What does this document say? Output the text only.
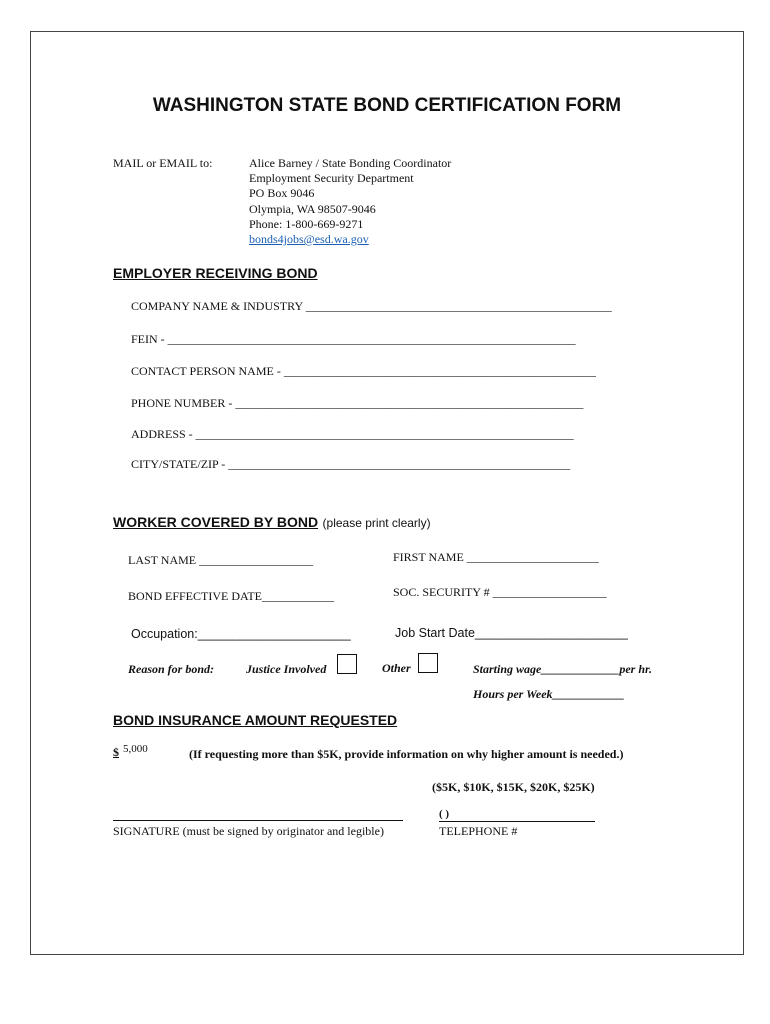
WASHINGTON STATE BOND CERTIFICATION FORM
MAIL or EMAIL to:	Alice Barney / State Bonding Coordinator
Employment Security Department
PO Box 9046
Olympia, WA 98507-9046
Phone: 1-800-669-9271
bonds4jobs@esd.wa.gov
EMPLOYER RECEIVING BOND
COMPANY NAME & INDUSTRY ___________________________________________________
FEIN - ____________________________________________________________________
CONTACT PERSON NAME - ____________________________________________________
PHONE NUMBER - __________________________________________________________
ADDRESS - _______________________________________________________________
CITY/STATE/ZIP - _________________________________________________________
WORKER COVERED BY BOND (please print clearly)
LAST NAME ___________________	FIRST NAME ______________________
BOND EFFECTIVE DATE____________	SOC. SECURITY # ___________________
Occupation:______________________	Job Start Date______________________
Reason for bond:	Justice Involved	Other	Starting wage_____________per hr.
Hours per Week____________
BOND INSURANCE AMOUNT REQUESTED
$ $^{5,000}$	(If requesting more than $5K, provide information on why higher amount is needed.)
($5K, $10K, $15K, $20K, $25K)
SIGNATURE (must be signed by originator and legible)
( )
TELEPHONE #
